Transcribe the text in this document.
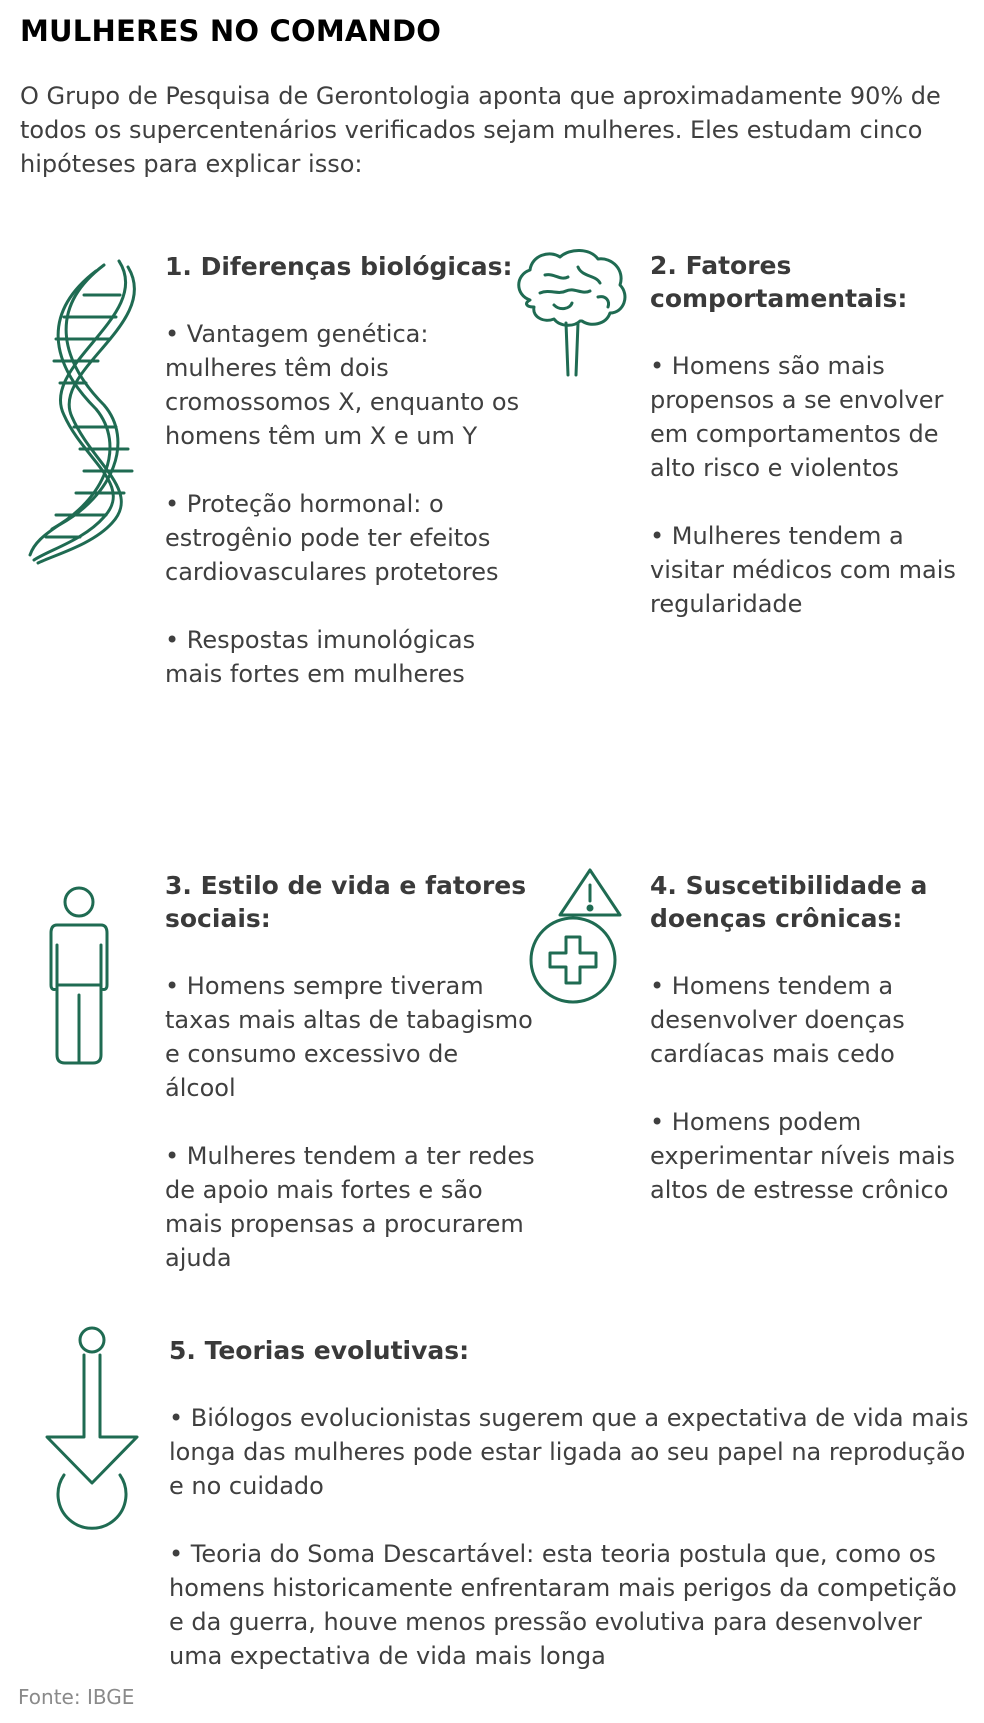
MULHERES NO COMANDO
O Grupo de Pesquisa de Gerontologia aponta que aproximadamente 90% de todos os supercentenários verificados sejam mulheres. Eles estudam cinco hipóteses para explicar isso:
1. Diferenças biológicas:

• Vantagem genética: mulheres têm dois cromossomos X, enquanto os homens têm um X e um Y

• Proteção hormonal: o estrogênio pode ter efeitos cardiovasculares protetores

• Respostas imunológicas mais fortes em mulheres

2. Fatores comportamentais:

• Homens são mais propensos a se envolver em comportamentos de alto risco e violentos

• Mulheres tendem a visitar médicos com mais regularidade

3. Estilo de vida e fatores sociais:

• Homens sempre tiveram taxas mais altas de tabagismo e consumo excessivo de álcool

• Mulheres tendem a ter redes de apoio mais fortes e são mais propensas a procurarem ajuda

4. Suscetibilidade a doenças crônicas:

• Homens tendem a desenvolver doenças cardíacas mais cedo

• Homens podem experimentar níveis mais altos de estresse crônico

5. Teorias evolutivas:

• Biólogos evolucionistas sugerem que a expectativa de vida mais longa das mulheres pode estar ligada ao seu papel na reprodução e no cuidado

• Teoria do Soma Descartável: esta teoria postula que, como os homens historicamente enfrentaram mais perigos da competição e da guerra, houve menos pressão evolutiva para desenvolver uma expectativa de vida mais longa

Fonte: IBGE
